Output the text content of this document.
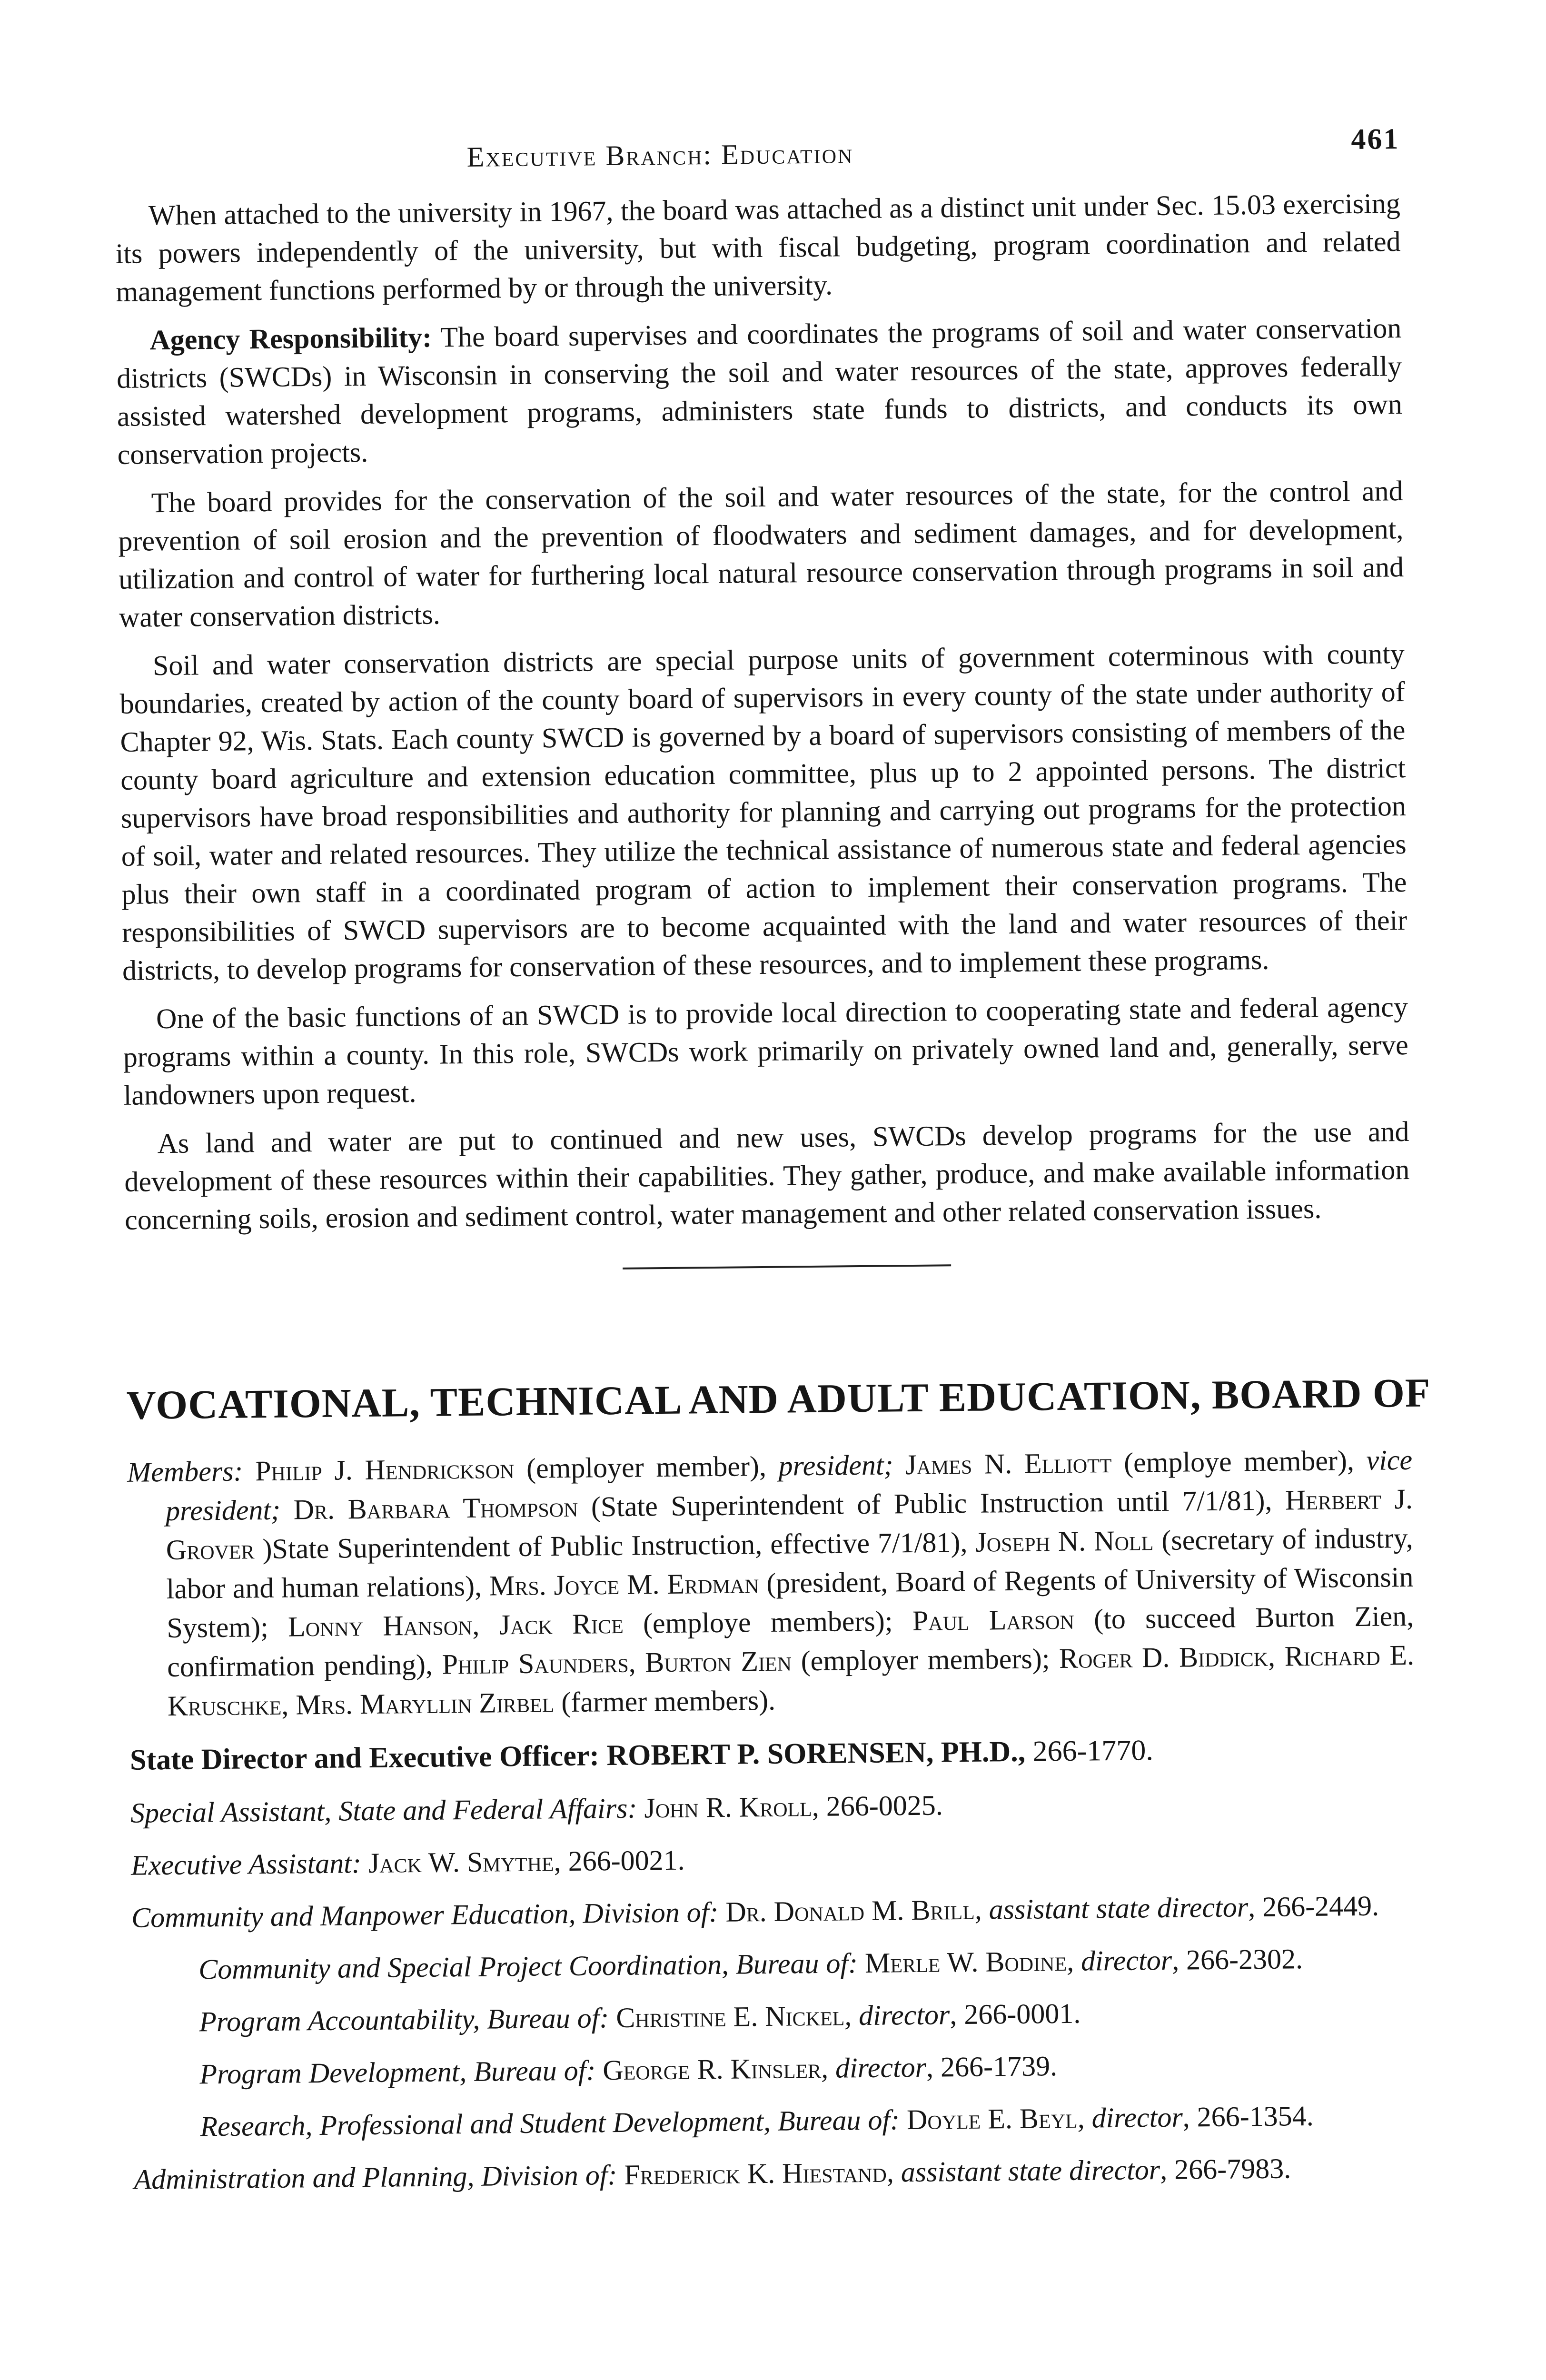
Executive Branch: Education	461

When attached to the university in 1967, the board was attached as a distinct unit under Sec. 15.03 exercising its powers independently of the university, but with fiscal budgeting, program coordination and related management functions performed by or through the university.

Agency Responsibility: The board supervises and coordinates the programs of soil and water conservation districts (SWCDs) in Wisconsin in conserving the soil and water resources of the state, approves federally assisted watershed development programs, administers state funds to districts, and conducts its own conservation projects.

The board provides for the conservation of the soil and water resources of the state, for the control and prevention of soil erosion and the prevention of floodwaters and sediment damages, and for development, utilization and control of water for furthering local natural resource conservation through programs in soil and water conservation districts.

Soil and water conservation districts are special purpose units of government coterminous with county boundaries, created by action of the county board of supervisors in every county of the state under authority of Chapter 92, Wis. Stats. Each county SWCD is governed by a board of supervisors consisting of members of the county board agriculture and extension education committee, plus up to 2 appointed persons. The district supervisors have broad responsibilities and authority for planning and carrying out programs for the protection of soil, water and related resources. They utilize the technical assistance of numerous state and federal agencies plus their own staff in a coordinated program of action to implement their conservation programs. The responsibilities of SWCD supervisors are to become acquainted with the land and water resources of their districts, to develop programs for conservation of these resources, and to implement these programs.

One of the basic functions of an SWCD is to provide local direction to cooperating state and federal agency programs within a county. In this role, SWCDs work primarily on privately owned land and, generally, serve landowners upon request.

As land and water are put to continued and new uses, SWCDs develop programs for the use and development of these resources within their capabilities. They gather, produce, and make available information concerning soils, erosion and sediment control, water management and other related conservation issues.

VOCATIONAL, TECHNICAL AND ADULT EDUCATION, BOARD OF
Members: Philip J. Hendrickson (employer member), president; James N. Elliott (employe member), vice president; Dr. Barbara Thompson (State Superintendent of Public Instruction until 7/1/81), Herbert J. Grover )State Superintendent of Public Instruction, effective 7/1/81), Joseph N. Noll (secretary of industry, labor and human relations), Mrs. Joyce M. Erdman (president, Board of Regents of University of Wisconsin System); Lonny Hanson, Jack Rice (employe members); Paul Larson (to succeed Burton Zien, confirmation pending), Philip Saunders, Burton Zien (employer members); Roger D. Biddick, Richard E. Kruschke, Mrs. Maryllin Zirbel (farmer members).
State Director and Executive Officer: ROBERT P. SORENSEN, PH.D., 266-1770.
Special Assistant, State and Federal Affairs: John R. Kroll, 266-0025.
Executive Assistant: Jack W. Smythe, 266-0021.
Community and Manpower Education, Division of: Dr. Donald M. Brill, assistant state director, 266-2449.
Community and Special Project Coordination, Bureau of: Merle W. Bodine, director, 266-2302.
Program Accountability, Bureau of: Christine E. Nickel, director, 266-0001.
Program Development, Bureau of: George R. Kinsler, director, 266-1739.
Research, Professional and Student Development, Bureau of: Doyle E. Beyl, director, 266-1354.
Administration and Planning, Division of: Frederick K. Hiestand, assistant state director, 266-7983.
